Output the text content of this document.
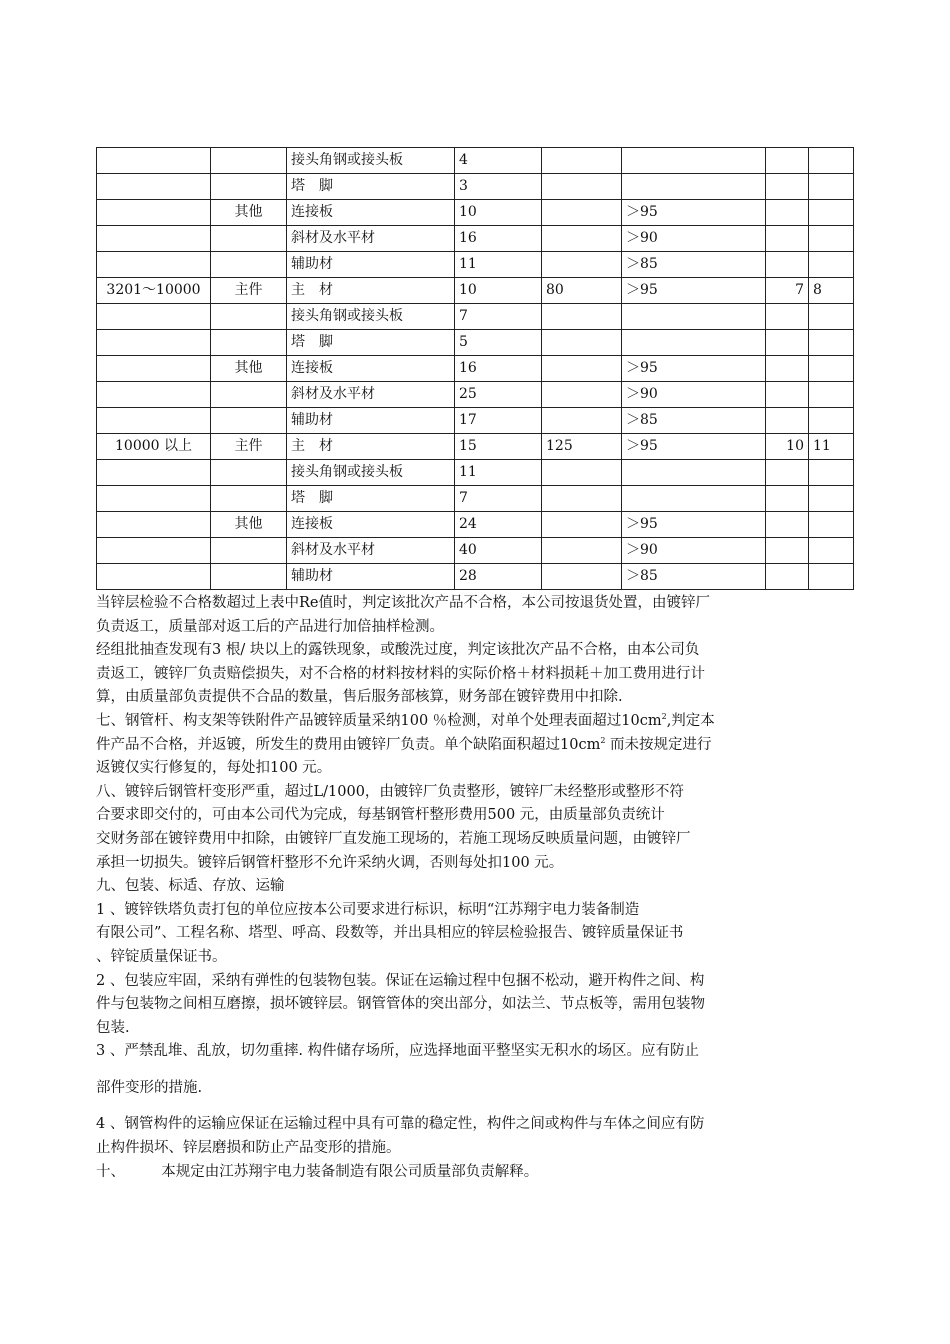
		接头角钢或接头板	4				
		塔　脚	3				
	其他	连接板	10		＞95		
		斜材及水平材	16		＞90		
		辅助材	11		＞85		
3201～10000	主件	主　材	10	80	＞95	7	8
		接头角钢或接头板	7				
		塔　脚	5				
	其他	连接板	16		＞95		
		斜材及水平材	25		＞90		
		辅助材	17		＞85		
10000 以上	主件	主　材	15	125	＞95	10	11
		接头角钢或接头板	11				
		塔　脚	7				
	其他	连接板	24		＞95		
		斜材及水平材	40		＞90		
		辅助材	28		＞85		

当锌层检验不合格数超过上表中Re值时，判定该批次产品不合格，本公司按退货处置，由镀锌厂

负责返工，质量部对返工后的产品进行加倍抽样检测。

经组批抽查发现有3 根/ 块以上的露铁现象，或酸洗过度，判定该批次产品不合格，由本公司负

责返工，镀锌厂负责赔偿损失，对不合格的材料按材料的实际价格＋材料损耗＋加工费用进行计

算，由质量部负责提供不合品的数量，售后服务部核算，财务部在镀锌费用中扣除.

七、钢管杆、构支架等铁附件产品镀锌质量采纳100 ％检测，对单个处理表面超过$10cm^2$,判定本

件产品不合格，并返镀，所发生的费用由镀锌厂负责。单个缺陷面积超过$10cm^2$ 而未按规定进行

返镀仅实行修复的，每处扣100 元。

八、镀锌后钢管杆变形严重，超过L/1000，由镀锌厂负责整形，镀锌厂未经整形或整形不符

合要求即交付的，可由本公司代为完成，每基钢管杆整形费用500 元，由质量部负责统计

交财务部在镀锌费用中扣除，由镀锌厂直发施工现场的，若施工现场反映质量问题，由镀锌厂

承担一切损失。镀锌后钢管杆整形不允许采纳火调，否则每处扣100 元。

九、包装、标适、存放、运输

1 、镀锌铁塔负责打包的单位应按本公司要求进行标识，标明“江苏翔宇电力装备制造

有限公司”、工程名称、塔型、呼高、段数等，并出具相应的锌层检验报告、镀锌质量保证书

、锌锭质量保证书。

2 、包装应牢固，采纳有弹性的包装物包装。保证在运输过程中包捆不松动，避开构件之间、构

件与包装物之间相互磨擦，损坏镀锌层。钢管管体的突出部分，如法兰、节点板等，需用包装物

包装.

3 、严禁乱堆、乱放，切勿重摔. 构件储存场所，应选择地面平整坚实无积水的场区。应有防止

部件变形的措施.

4 、钢管构件的运输应保证在运输过程中具有可靠的稳定性，构件之间或构件与车体之间应有防

止构件损坏、锌层磨损和防止产品变形的措施。

十、　　　本规定由江苏翔宇电力装备制造有限公司质量部负责解释。
